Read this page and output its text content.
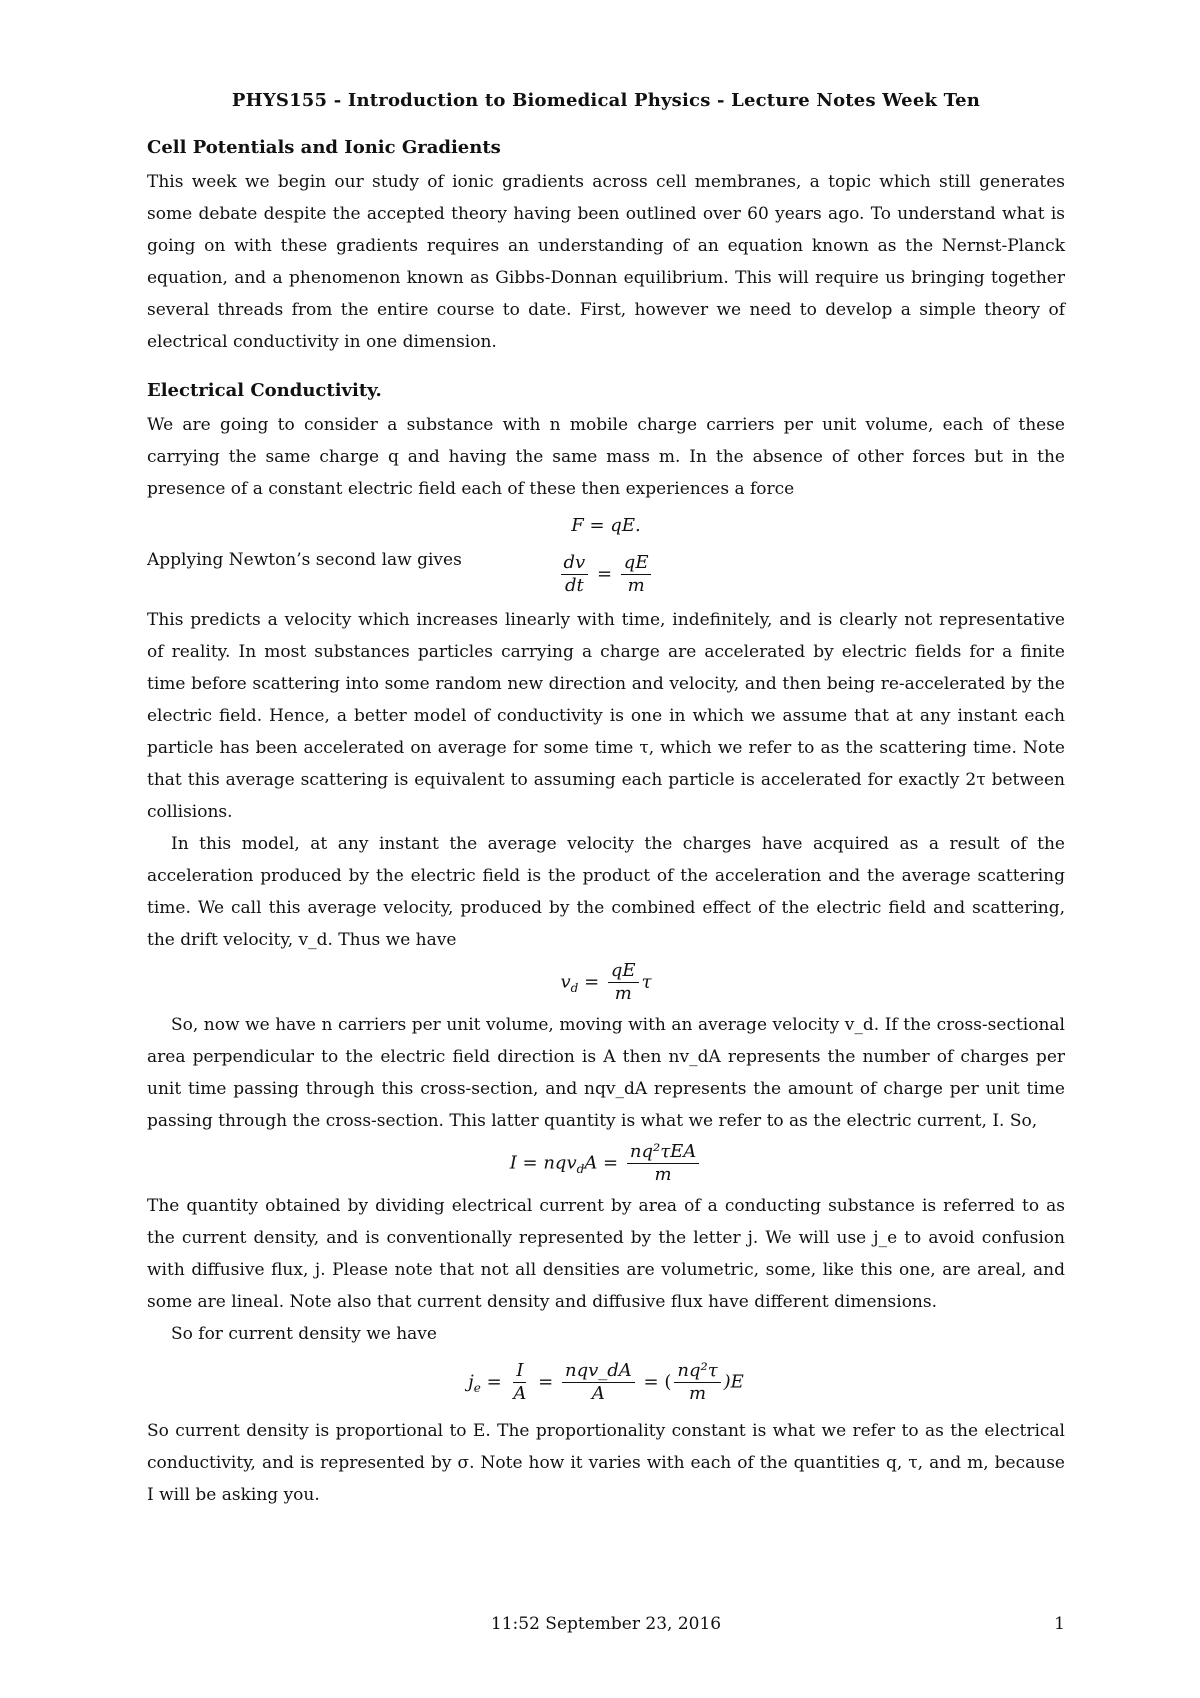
PHYS155 - Introduction to Biomedical Physics - Lecture Notes Week Ten
Cell Potentials and Ionic Gradients

This week we begin our study of ionic gradients across cell membranes, a topic which still generates some debate despite the accepted theory having been outlined over 60 years ago. To understand what is going on with these gradients requires an understanding of an equation known as the Nernst-Planck equation, and a phenomenon known as Gibbs-Donnan equilibrium. This will require us bringing together several threads from the entire course to date. First, however we need to develop a simple theory of electrical conductivity in one dimension.

Electrical Conductivity.

We are going to consider a substance with n mobile charge carriers per unit volume, each of these carrying the same charge q and having the same mass m. In the absence of other forces but in the presence of a constant electric field each of these then experiences a force

F = qE.
Applying Newton’s second law gives	$\frac{dv}{dt} = \frac{qE}{m}$

This predicts a velocity which increases linearly with time, indefinitely, and is clearly not representative of reality. In most substances particles carrying a charge are accelerated by electric fields for a finite time before scattering into some random new direction and velocity, and then being re-accelerated by the electric field. Hence, a better model of conductivity is one in which we assume that at any instant each particle has been accelerated on average for some time τ, which we refer to as the scattering time. Note that this average scattering is equivalent to assuming each particle is accelerated for exactly 2τ between collisions.

In this model, at any instant the average velocity the charges have acquired as a result of the acceleration produced by the electric field is the product of the acceleration and the average scattering time. We call this average velocity, produced by the combined effect of the electric field and scattering, the drift velocity, v_d. Thus we have

$v_d = \frac{qE}{m}$ τ

So, now we have n carriers per unit volume, moving with an average velocity v_d. If the cross-sectional area perpendicular to the electric field direction is A then nv_dA represents the number of charges per unit time passing through this cross-section, and nqv_dA represents the amount of charge per unit time passing through the cross-section. This latter quantity is what we refer to as the electric current, I. So,

$I = nqv_dA = \frac{\text{nq²τEA}}{m}$

The quantity obtained by dividing electrical current by area of a conducting substance is referred to as the current density, and is conventionally represented by the letter j. We will use j_e to avoid confusion with diffusive flux, j. Please note that not all densities are volumetric, some, like this one, are areal, and some are lineal. Note also that current density and diffusive flux have different dimensions.

So for current density we have

$j_e = \frac{I}{A} = \frac{\text{nqv\_dA}}{A}$ = ( $\frac{\text{nq²τ}}{m} )E$

So current density is proportional to E. The proportionality constant is what we refer to as the electrical conductivity, and is represented by σ. Note how it varies with each of the quantities q, τ, and m, because I will be asking you.

11:52 September 23, 2016	1
